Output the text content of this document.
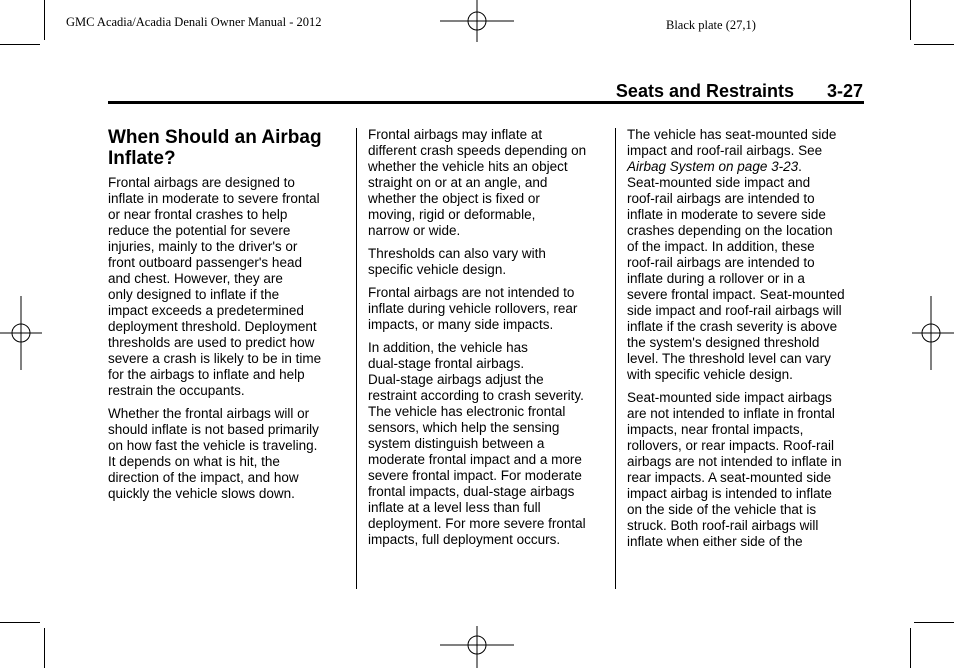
GMC Acadia/Acadia Denali Owner Manual - 2012	Black plate (27,1)
Seats and Restraints 3-27
When Should an Airbag
Inflate?

Frontal airbags are designed to
inflate in moderate to severe frontal
or near frontal crashes to help
reduce the potential for severe
injuries, mainly to the driver's or
front outboard passenger's head
and chest. However, they are
only designed to inflate if the
impact exceeds a predetermined
deployment threshold. Deployment
thresholds are used to predict how
severe a crash is likely to be in time
for the airbags to inflate and help
restrain the occupants.

Whether the frontal airbags will or
should inflate is not based primarily
on how fast the vehicle is traveling.
It depends on what is hit, the
direction of the impact, and how
quickly the vehicle slows down.

Frontal airbags may inflate at
different crash speeds depending on
whether the vehicle hits an object
straight on or at an angle, and
whether the object is fixed or
moving, rigid or deformable,
narrow or wide.

Thresholds can also vary with
specific vehicle design.

Frontal airbags are not intended to
inflate during vehicle rollovers, rear
impacts, or many side impacts.

In addition, the vehicle has
dual-stage frontal airbags.
Dual-stage airbags adjust the
restraint according to crash severity.
The vehicle has electronic frontal
sensors, which help the sensing
system distinguish between a
moderate frontal impact and a more
severe frontal impact. For moderate
frontal impacts, dual-stage airbags
inflate at a level less than full
deployment. For more severe frontal
impacts, full deployment occurs.

The vehicle has seat-mounted side
impact and roof-rail airbags. See
Airbag System on page 3-23.
Seat-mounted side impact and
roof-rail airbags are intended to
inflate in moderate to severe side
crashes depending on the location
of the impact. In addition, these
roof-rail airbags are intended to
inflate during a rollover or in a
severe frontal impact. Seat-mounted
side impact and roof-rail airbags will
inflate if the crash severity is above
the system's designed threshold
level. The threshold level can vary
with specific vehicle design.

Seat-mounted side impact airbags
are not intended to inflate in frontal
impacts, near frontal impacts,
rollovers, or rear impacts. Roof-rail
airbags are not intended to inflate in
rear impacts. A seat-mounted side
impact airbag is intended to inflate
on the side of the vehicle that is
struck. Both roof-rail airbags will
inflate when either side of the
